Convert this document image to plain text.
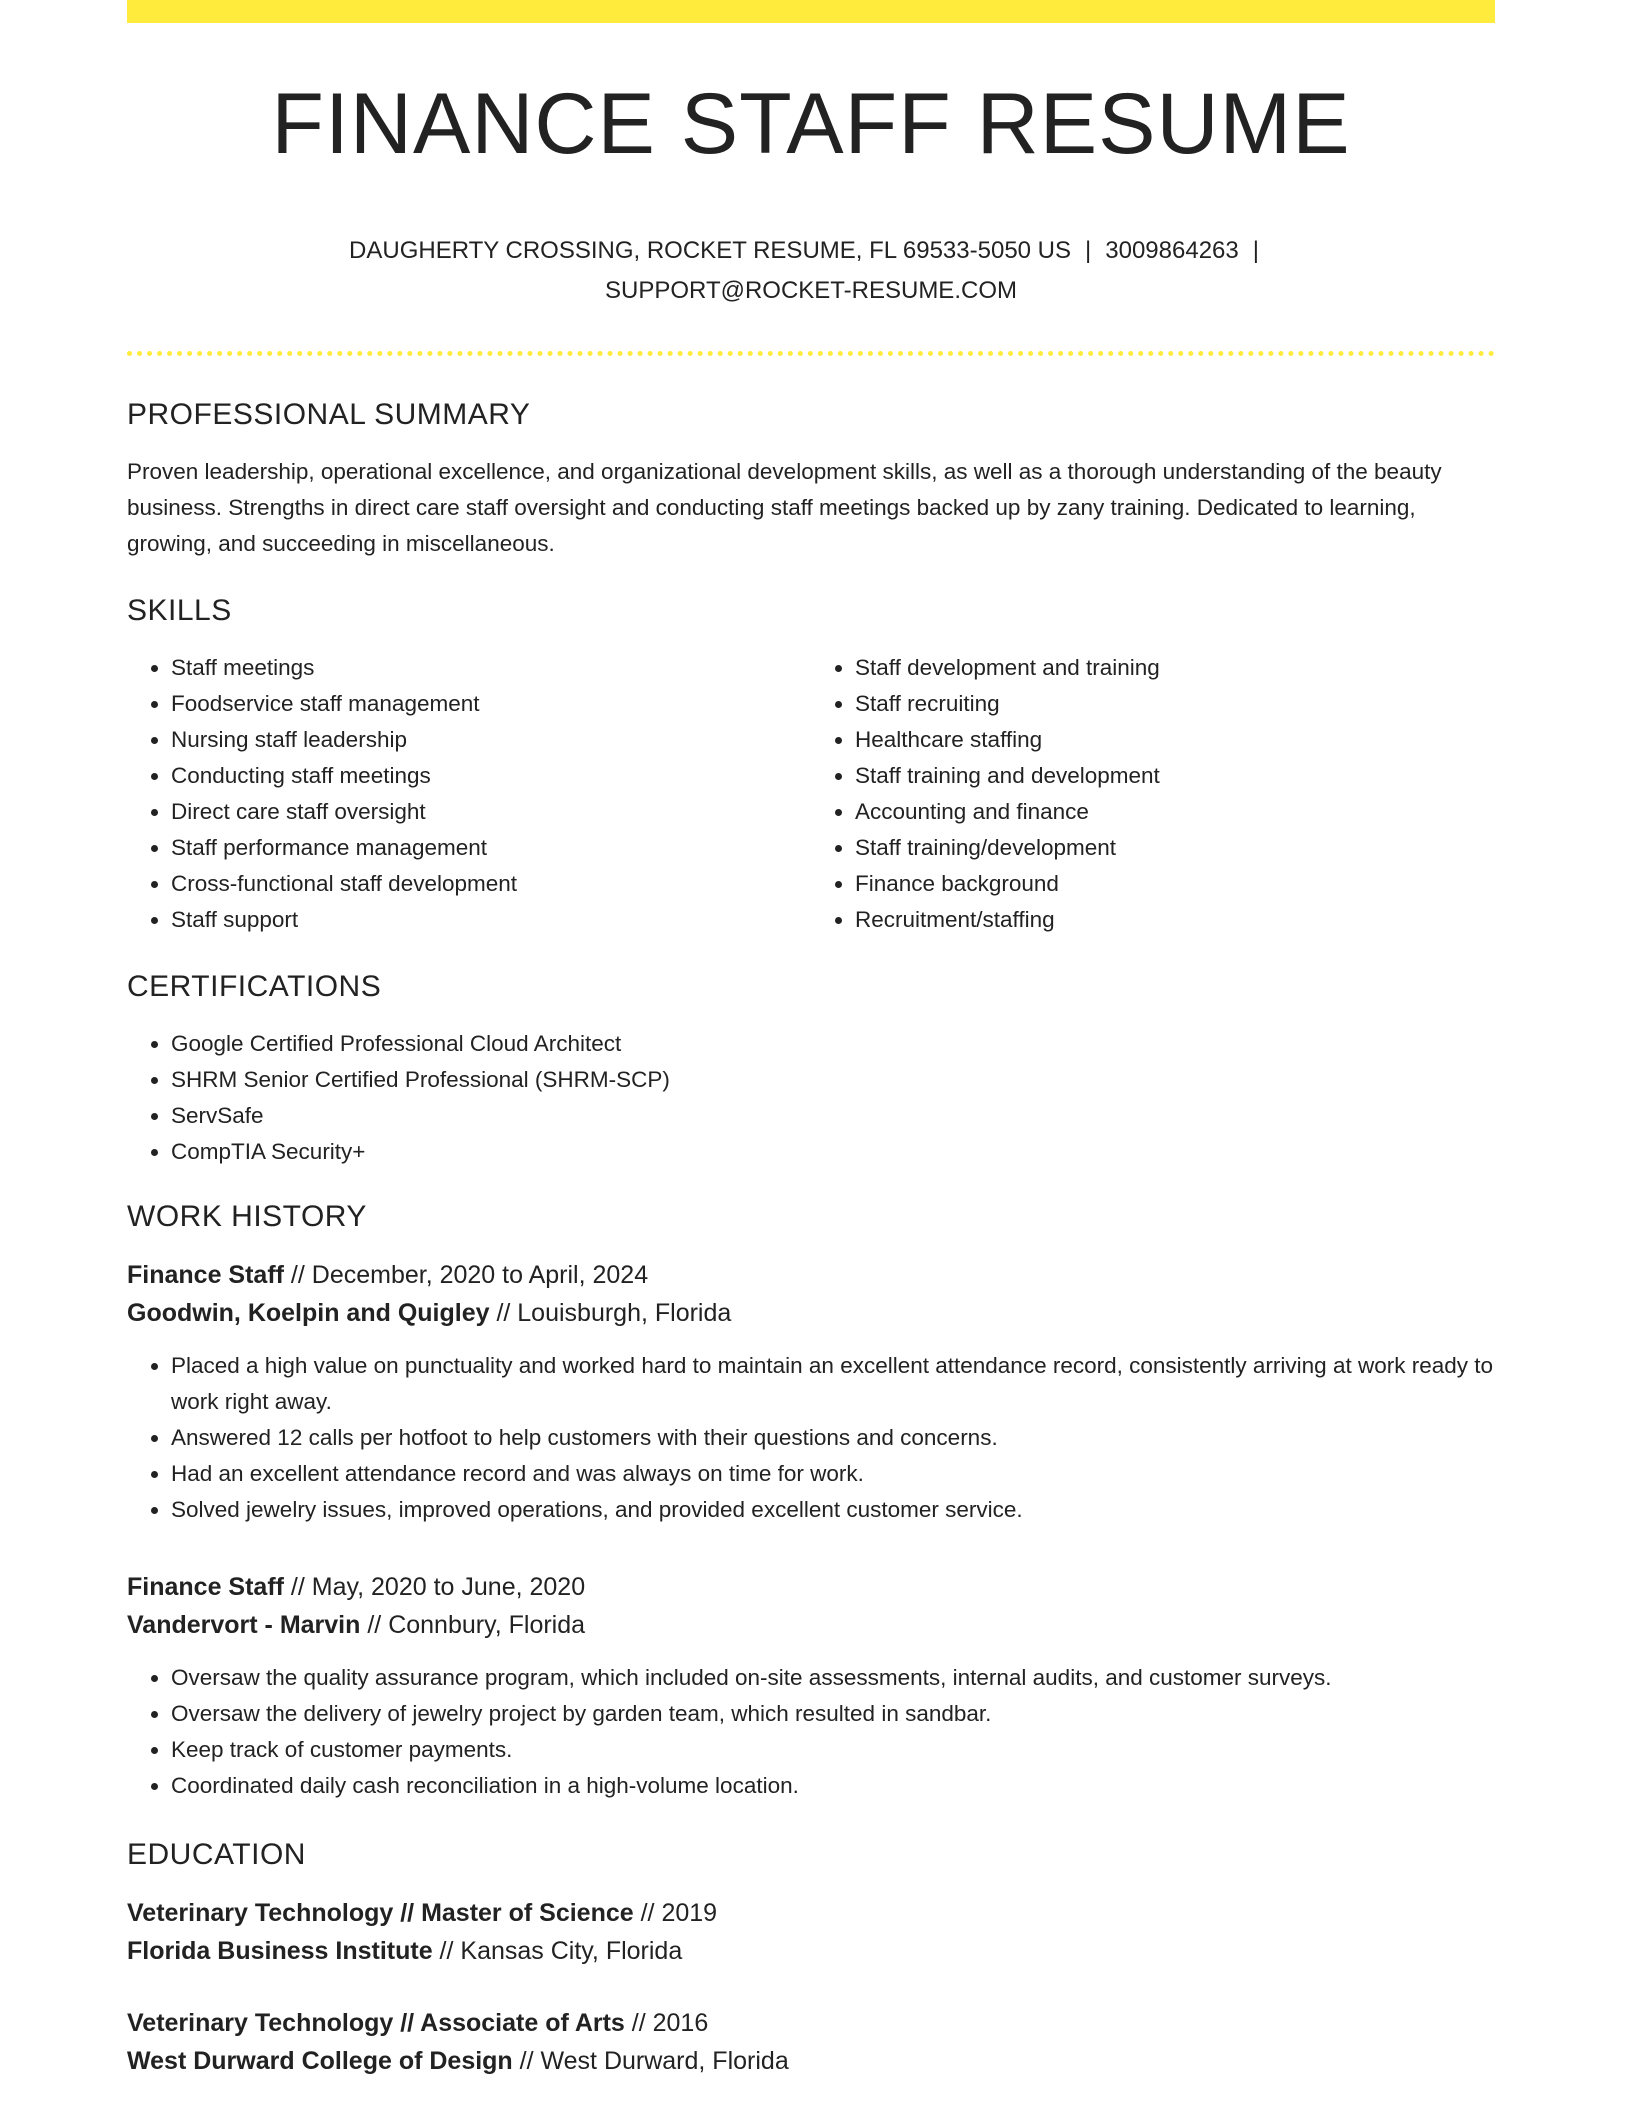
FINANCE STAFF RESUME
DAUGHERTY CROSSING, ROCKET RESUME, FL 69533-5050 US | 3009864263 |
SUPPORT@ROCKET-RESUME.COM
PROFESSIONAL SUMMARY
Proven leadership, operational excellence, and organizational development skills, as well as a thorough understanding of the beauty business. Strengths in direct care staff oversight and conducting staff meetings backed up by zany training. Dedicated to learning, growing, and succeeding in miscellaneous.
SKILLS
• Staff meetings
• Foodservice staff management
• Nursing staff leadership
• Conducting staff meetings
• Direct care staff oversight
• Staff performance management
• Cross-functional staff development
• Staff support
• Staff development and training
• Staff recruiting
• Healthcare staffing
• Staff training and development
• Accounting and finance
• Staff training/development
• Finance background
• Recruitment/staffing
CERTIFICATIONS
• Google Certified Professional Cloud Architect
• SHRM Senior Certified Professional (SHRM-SCP)
• ServSafe
• CompTIA Security+
WORK HISTORY
Finance Staff // December, 2020 to April, 2024
Goodwin, Koelpin and Quigley // Louisburgh, Florida
• Placed a high value on punctuality and worked hard to maintain an excellent attendance record, consistently arriving at work ready to work right away.
• Answered 12 calls per hotfoot to help customers with their questions and concerns.
• Had an excellent attendance record and was always on time for work.
• Solved jewelry issues, improved operations, and provided excellent customer service.
Finance Staff // May, 2020 to June, 2020
Vandervort - Marvin // Connbury, Florida
• Oversaw the quality assurance program, which included on-site assessments, internal audits, and customer surveys.
• Oversaw the delivery of jewelry project by garden team, which resulted in sandbar.
• Keep track of customer payments.
• Coordinated daily cash reconciliation in a high-volume location.
EDUCATION
Veterinary Technology // Master of Science // 2019
Florida Business Institute // Kansas City, Florida
Veterinary Technology // Associate of Arts // 2016
West Durward College of Design // West Durward, Florida
